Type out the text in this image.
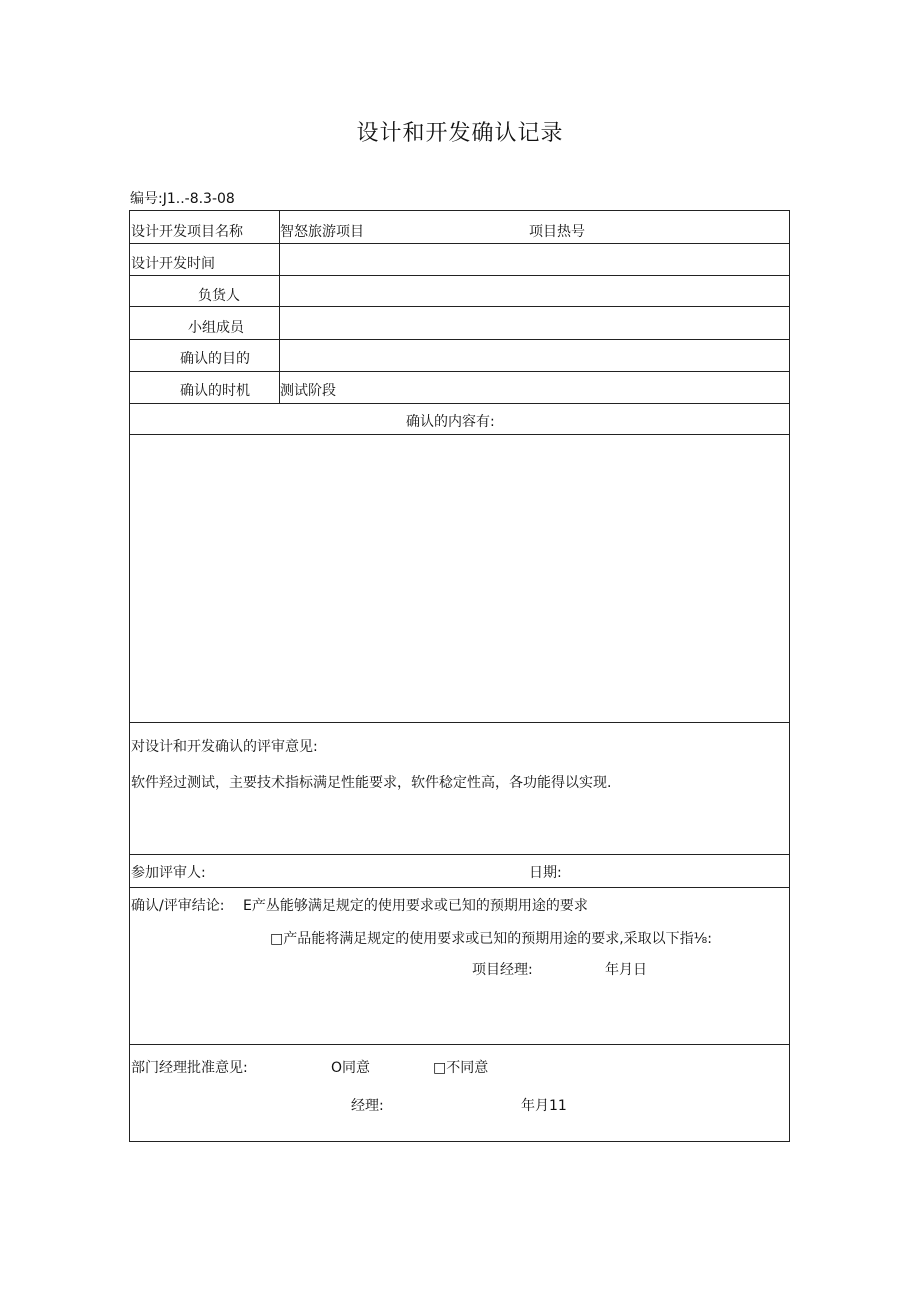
设计和开发确认记录
编号:J1..-8.3-08
设计开发项目名称	智怒旅游项目	项目热号
设计开发时间
负货人
小组成员
确认的目的
确认的时机 测试阶段
确认的内容有:
对设计和开发确认的评审意见:
软件羟过测试，主要技术指标满足性能要求，软件稔定性高，各功能得以实现.
参加评审人:	日期:
确认/评审结论: E产丛能够满足规定的使用要求或已知的预期用途的要求
□产品能将满足规定的使用要求或已知的预期用途的要求,采取以下指⅛:
项目经理:	年月日
部门经理批准意见:	O同意	□不同意
经理:	年月11
